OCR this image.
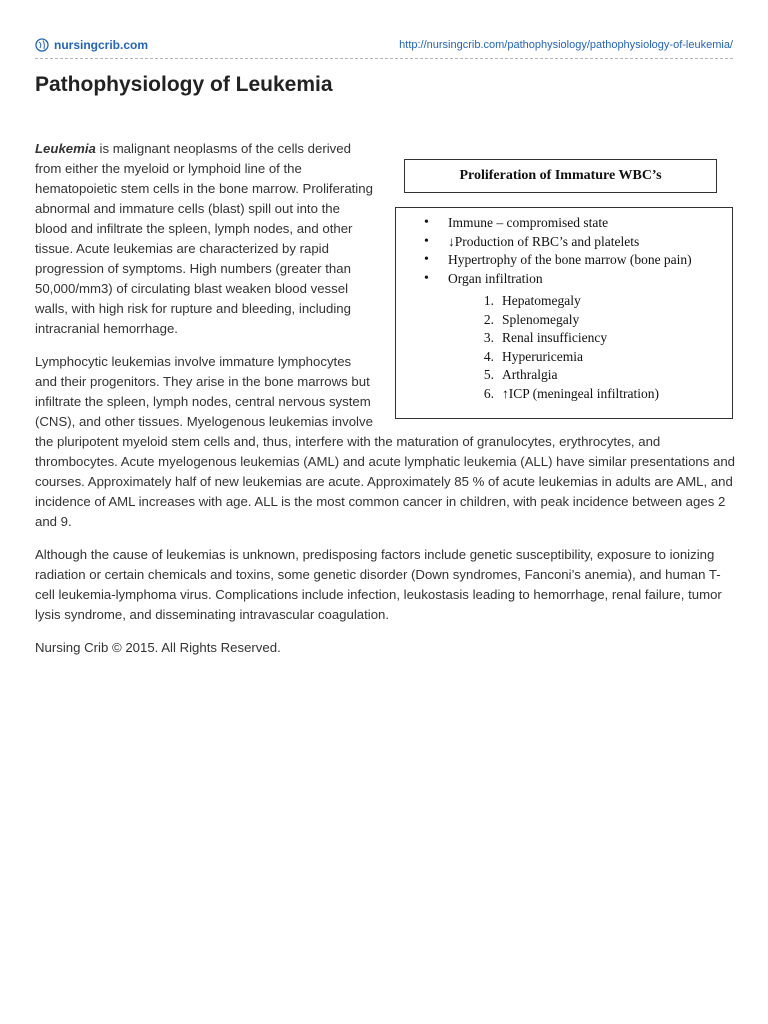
nursingcrib.com	http://nursingcrib.com/pathophysiology/pathophysiology-of-leukemia/
Pathophysiology of Leukemia
Proliferation of Immature WBC’s
• Immune – compromised state
• ↓Production of RBC’s and platelets
• Hypertrophy of the bone marrow (bone pain)
• Organ infiltration
1. Hepatomegaly
2. Splenomegaly
3. Renal insufficiency
4. Hyperuricemia
5. Arthralgia
6. ↑ICP (meningeal infiltration)

Leukemia is malignant neoplasms of the cells derived from either the myeloid or lymphoid line of the hematopoietic stem cells in the bone marrow. Proliferating abnormal and immature cells (blast) spill out into the blood and infiltrate the spleen, lymph nodes, and other tissue. Acute leukemias are characterized by rapid progression of symptoms. High numbers (greater than 50,000/mm3) of circulating blast weaken blood vessel walls, with high risk for rupture and bleeding, including intracranial hemorrhage.

Lymphocytic leukemias involve immature lymphocytes and their progenitors. They arise in the bone marrows but infiltrate the spleen, lymph nodes, central nervous system (CNS), and other tissues. Myelogenous leukemias involve the pluripotent myeloid stem cells and, thus, interfere with the maturation of granulocytes, erythrocytes, and thrombocytes. Acute myelogenous leukemias (AML) and acute lymphatic leukemia (ALL) have similar presentations and courses. Approximately half of new leukemias are acute. Approximately 85 % of acute leukemias in adults are AML, and incidence of AML increases with age. ALL is the most common cancer in children, with peak incidence between ages 2 and 9.

Although the cause of leukemias is unknown, predisposing factors include genetic susceptibility, exposure to ionizing radiation or certain chemicals and toxins, some genetic disorder (Down syndromes, Fanconi’s anemia), and human T-cell leukemia-lymphoma virus. Complications include infection, leukostasis leading to hemorrhage, renal failure, tumor lysis syndrome, and disseminating intravascular coagulation.

Nursing Crib © 2015. All Rights Reserved.
